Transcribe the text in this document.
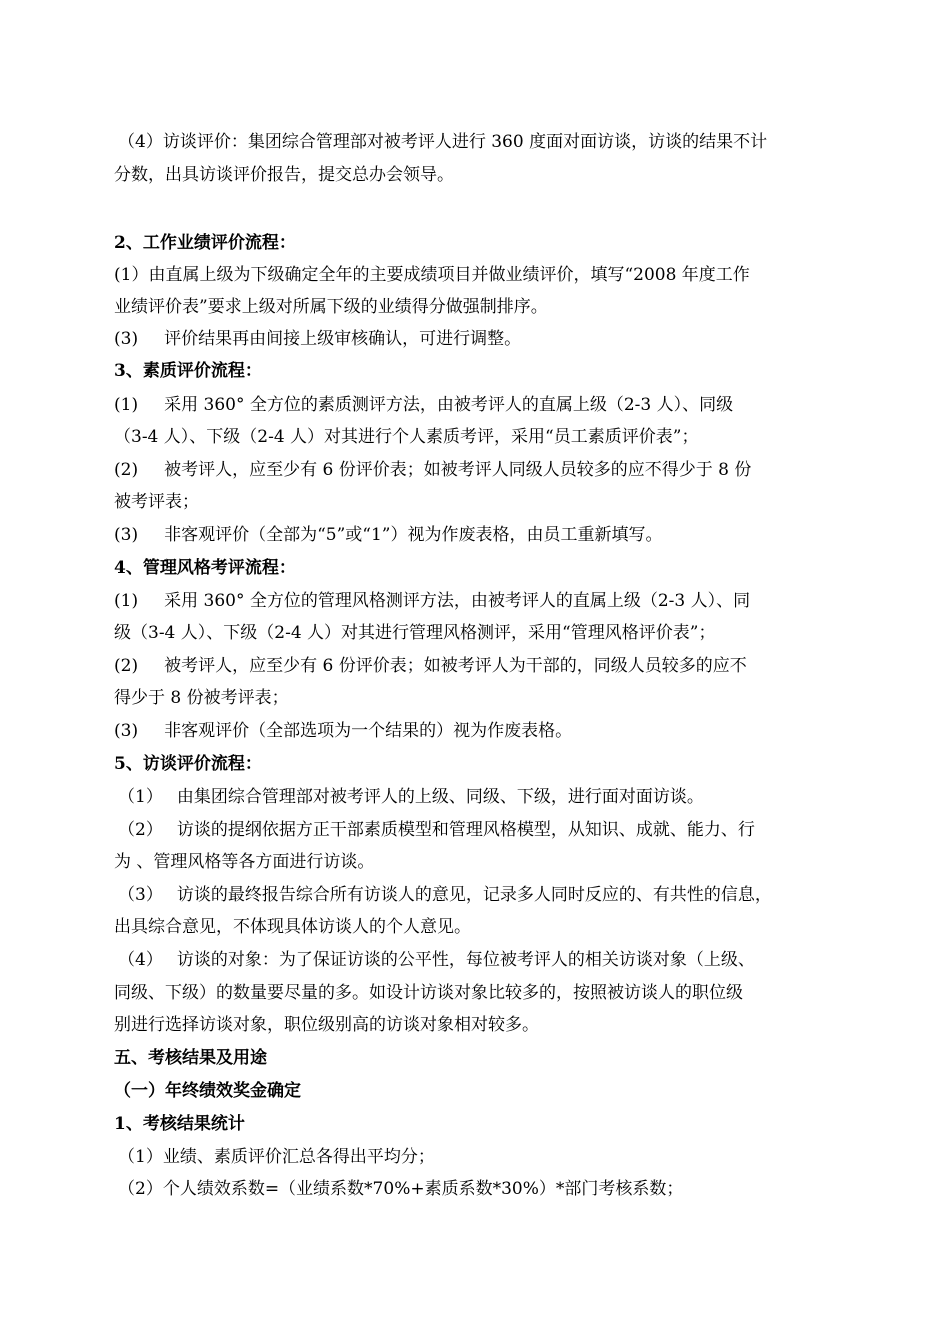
（4）访谈评价：集团综合管理部对被考评人进行 360 度面对面访谈，访谈的结果不计
分数，出具访谈评价报告，提交总办会领导。
2、工作业绩评价流程：
(1）由直属上级为下级确定全年的主要成绩项目并做业绩评价，填写“2008 年度工作
业绩评价表”要求上级对所属下级的业绩得分做强制排序。
(3) 评价结果再由间接上级审核确认，可进行调整。
3、素质评价流程：
(1) 采用 360° 全方位的素质测评方法，由被考评人的直属上级（2-3 人）、同级
（3-4 人）、下级（2-4 人）对其进行个人素质考评，采用“员工素质评价表”；
(2) 被考评人，应至少有 6 份评价表；如被考评人同级人员较多的应不得少于 8 份
被考评表；
(3) 非客观评价（全部为“5”或“1”）视为作废表格，由员工重新填写。
4、管理风格考评流程：
(1) 采用 360° 全方位的管理风格测评方法，由被考评人的直属上级（2-3 人）、同
级（3-4 人）、下级（2-4 人）对其进行管理风格测评，采用“管理风格评价表”；
(2) 被考评人，应至少有 6 份评价表；如被考评人为干部的，同级人员较多的应不
得少于 8 份被考评表；
(3) 非客观评价（全部选项为一个结果的）视为作废表格。
5、访谈评价流程：
（1） 由集团综合管理部对被考评人的上级、同级、下级，进行面对面访谈。
（2） 访谈的提纲依据方正干部素质模型和管理风格模型，从知识、成就、能力、行
为 、管理风格等各方面进行访谈。
（3） 访谈的最终报告综合所有访谈人的意见，记录多人同时反应的、有共性的信息，
出具综合意见，不体现具体访谈人的个人意见。
（4） 访谈的对象：为了保证访谈的公平性，每位被考评人的相关访谈对象（上级、
同级、下级）的数量要尽量的多。如设计访谈对象比较多的，按照被访谈人的职位级
别进行选择访谈对象，职位级别高的访谈对象相对较多。
五、考核结果及用途
（一）年终绩效奖金确定
1、考核结果统计
（1）业绩、素质评价汇总各得出平均分；
（2）个人绩效系数=（业绩系数*70%+素质系数*30%）*部门考核系数；
